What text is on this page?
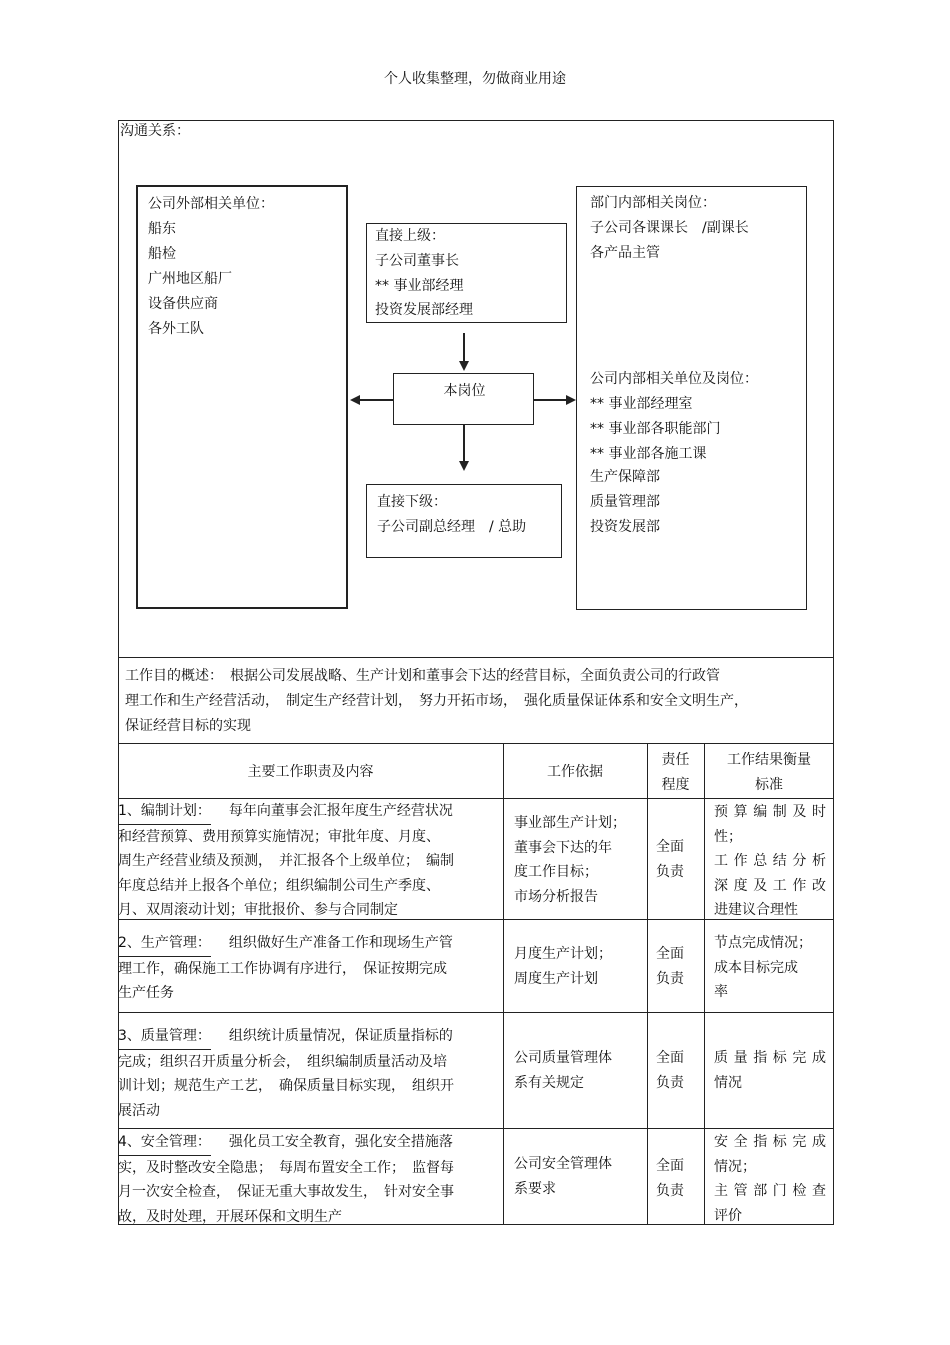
个人收集整理，勿做商业用途
沟通关系：
公司外部相关单位：
船东
船检
广州地区船厂
设备供应商
各外工队
直接上级：
子公司董事长
** 事业部经理
投资发展部经理
本岗位
直接下级：
子公司副总经理　/ 总助
部门内部相关岗位：
子公司各课课长　/副课长
各产品主管
公司内部相关单位及岗位：
** 事业部经理室
** 事业部各职能部门
** 事业部各施工课
生产保障部
质量管理部
投资发展部
工作目的概述：　根据公司发展战略、生产计划和董事会下达的经营目标，全面负责公司的行政管
理工作和生产经营活动，　制定生产经营计划，　努力开拓市场，　强化质量保证体系和安全文明生产，
保证经营目标的实现
主要工作职责及内容	工作依据
责任
程度
工作结果衡量
标准
1、编制计划： 每年向董事会汇报年度生产经营状况
和经营预算、费用预算实施情况；审批年度、月度、
周生产经营业绩及预测，　并汇报各个上级单位；　编制
年度总结并上报各个单位；组织编制公司生产季度、
月、双周滚动计划；审批报价、参与合同制定
事业部生产计划；
董事会下达的年
度工作目标；
市场分析报告
全面
负责
预算编制及时
性；
工作总结分析
深度及工作改
进建议合理性
2、生产管理： 组织做好生产准备工作和现场生产管
理工作，确保施工工作协调有序进行，　保证按期完成
生产任务
月度生产计划；
周度生产计划
全面
负责
节点完成情况；
成本目标完成
率
3、质量管理： 组织统计质量情况，保证质量指标的
完成；组织召开质量分析会，　组织编制质量活动及培
训计划；规范生产工艺，　确保质量目标实现，　组织开
展活动
公司质量管理体
系有关规定
全面
负责
质量指标完成
情况
4、安全管理： 强化员工安全教育，强化安全措施落
实，及时整改安全隐患；　每周布置安全工作；　监督每
月一次安全检查，　保证无重大事故发生，　针对安全事
故，及时处理，开展环保和文明生产
公司安全管理体
系要求
全面
负责
安全指标完成
情况；
主管部门检查
评价
